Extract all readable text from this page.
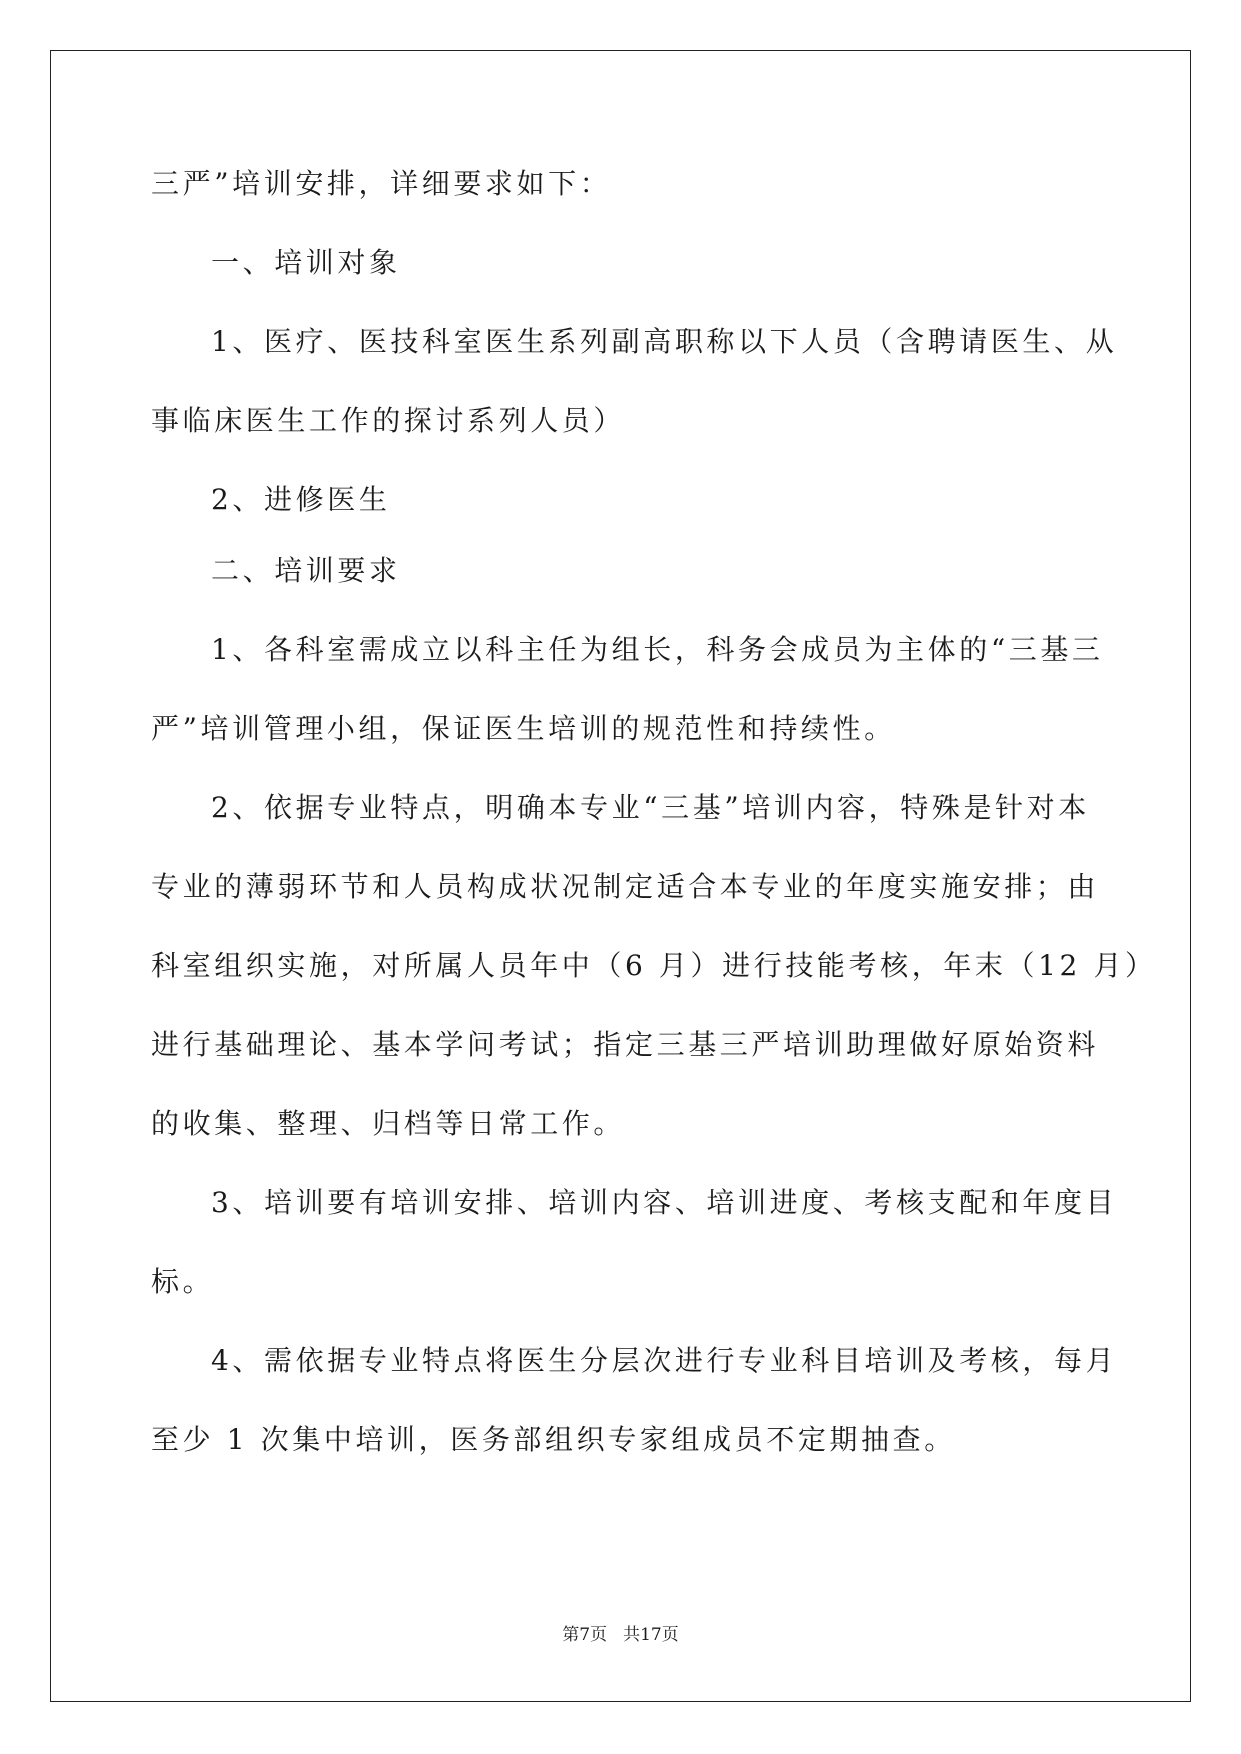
三严”培训安排，详细要求如下：
一、培训对象
1、医疗、医技科室医生系列副高职称以下人员（含聘请医生、从
事临床医生工作的探讨系列人员）
2、进修医生
二、培训要求
1、各科室需成立以科主任为组长，科务会成员为主体的“三基三
严”培训管理小组，保证医生培训的规范性和持续性。
2、依据专业特点，明确本专业“三基”培训内容，特殊是针对本
专业的薄弱环节和人员构成状况制定适合本专业的年度实施安排；由
科室组织实施，对所属人员年中（6 月）进行技能考核，年末（12 月）
进行基础理论、基本学问考试；指定三基三严培训助理做好原始资料
的收集、整理、归档等日常工作。
3、培训要有培训安排、培训内容、培训进度、考核支配和年度目
标。
4、需依据专业特点将医生分层次进行专业科目培训及考核，每月
至少 1 次集中培训，医务部组织专家组成员不定期抽查。
第7页 共17页
